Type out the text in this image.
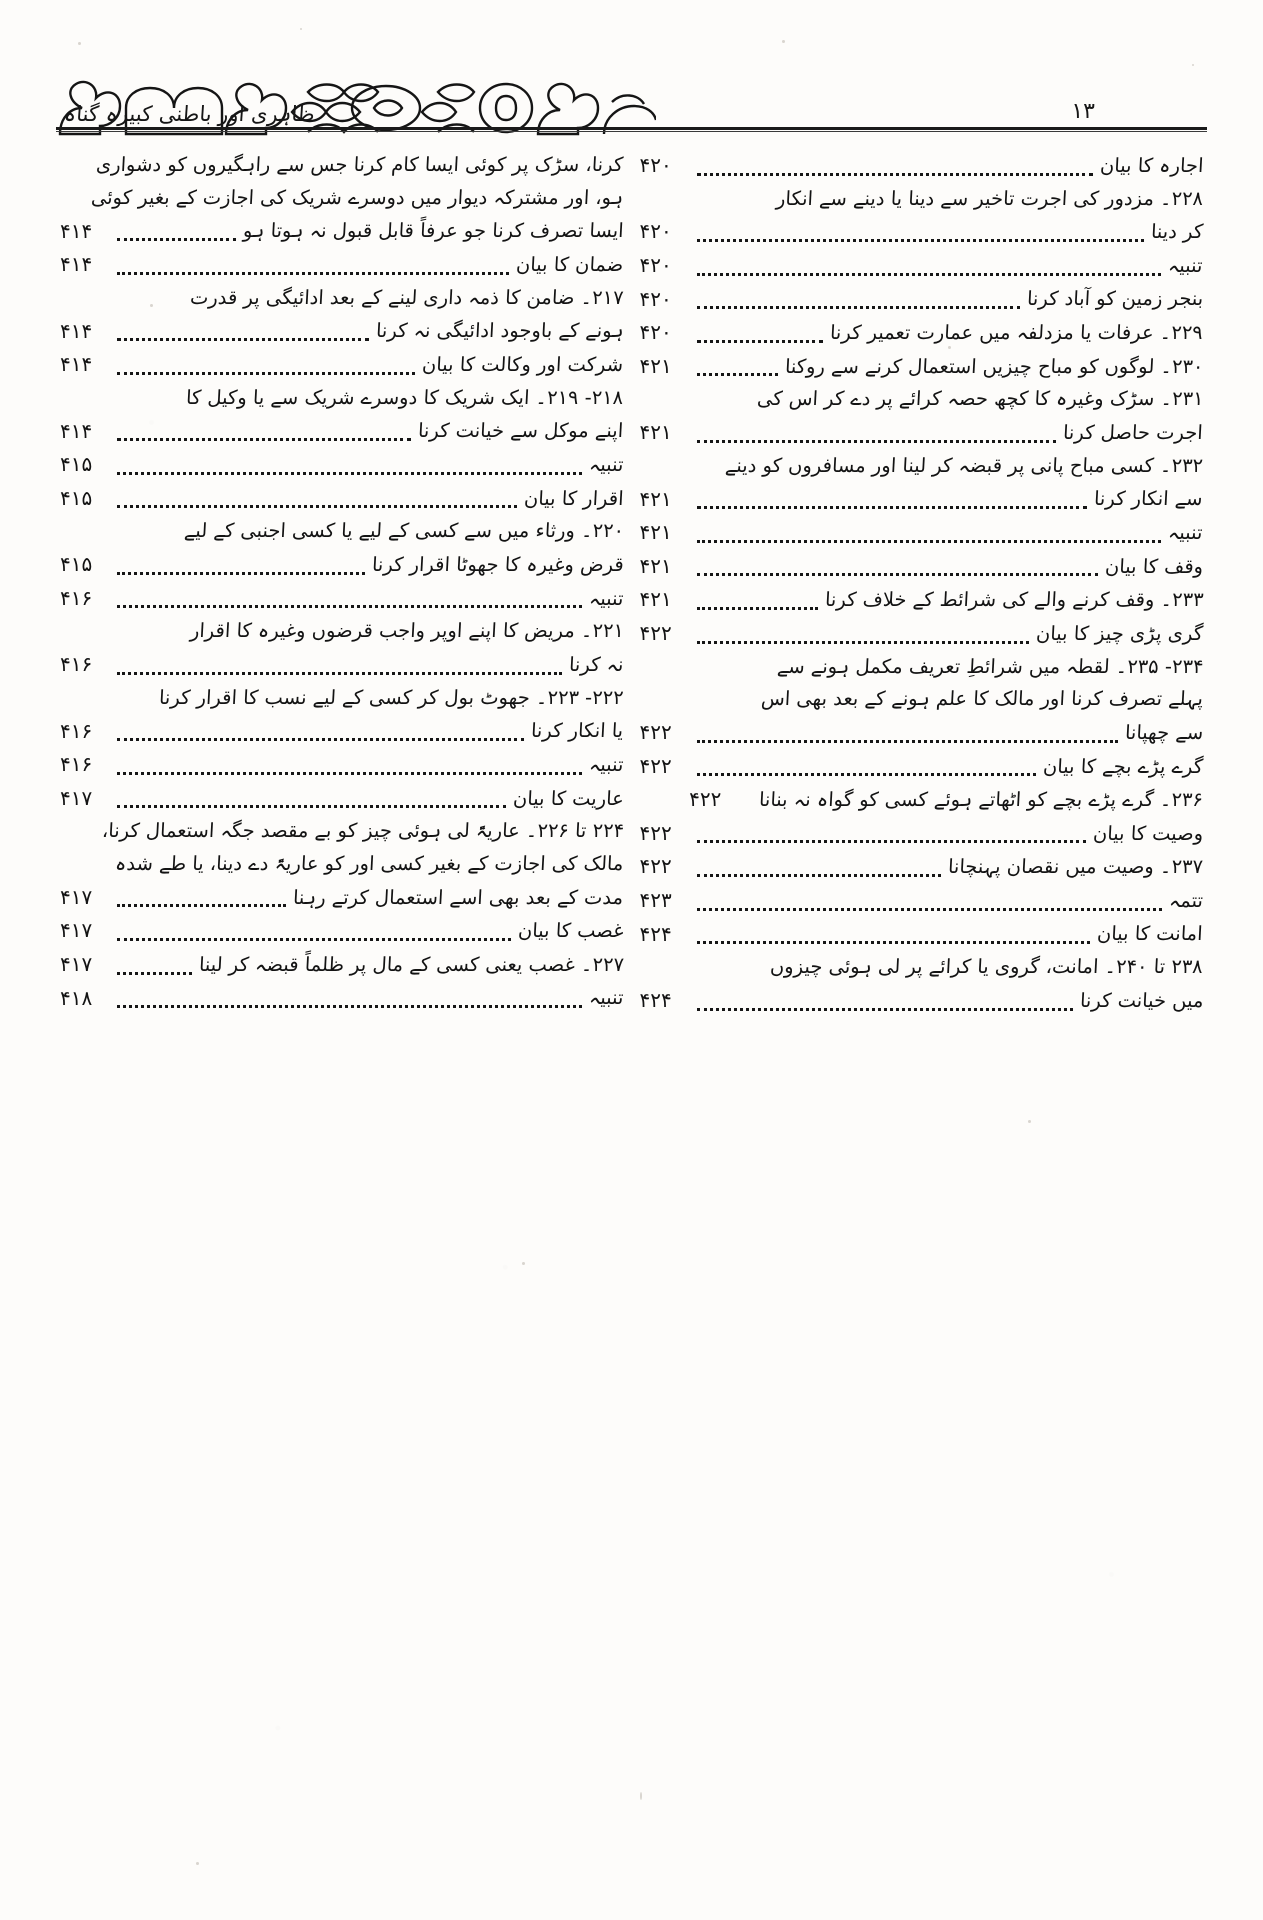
۱۳
ظاہری اور باطنی کبیرہ گناہ
اجارہ کا بیان
۴۲۰
۲۲۸۔ مزدور کی اجرت تاخیر سے دینا یا دینے سے انکار
کر دینا
۴۲۰
تنبیہ
۴۲۰
بنجر زمین کو آباد کرنا
۴۲۰
۲۲۹۔ عرفات یا مزدلفہ میں عمارت تعمیر کرنا
۴۲۰
۲۳۰۔ لوگوں کو مباح چیزیں استعمال کرنے سے روکنا
۴۲۱
۲۳۱۔ سڑک وغیرہ کا کچھ حصہ کرائے پر دے کر اس کی
اجرت حاصل کرنا
۴۲۱
۲۳۲۔ کسی مباح پانی پر قبضہ کر لینا اور مسافروں کو دینے
سے انکار کرنا
۴۲۱
تنبیہ
۴۲۱
وقف کا بیان
۴۲۱
۲۳۳۔ وقف کرنے والے کی شرائط کے خلاف کرنا
۴۲۱
گری پڑی چیز کا بیان
۴۲۲
۲۳۴- ۲۳۵۔ لقطہ میں شرائطِ تعریف مکمل ہونے سے
پہلے تصرف کرنا اور مالک کا علم ہونے کے بعد بھی اس
سے چھپانا
۴۲۲
گرے پڑے بچے کا بیان
۴۲۲
۲۳۶۔ گرے پڑے بچے کو اٹھاتے ہوئے کسی کو گواہ نہ بنانا
۴۲۲
وصیت کا بیان
۴۲۲
۲۳۷۔ وصیت میں نقصان پہنچانا
۴۲۲
تتمہ
۴۲۳
امانت کا بیان
۴۲۴
۲۳۸ تا ۲۴۰۔ امانت، گروی یا کرائے پر لی ہوئی چیزوں
میں خیانت کرنا
۴۲۴
کرنا، سڑک پر کوئی ایسا کام کرنا جس سے راہگیروں کو دشواری
ہو، اور مشترکہ دیوار میں دوسرے شریک کی اجازت کے بغیر کوئی
ایسا تصرف کرنا جو عرفاً قابل قبول نہ ہوتا ہو
۴۱۴
ضمان کا بیان
۴۱۴
۲۱۷۔ ضامن کا ذمہ داری لینے کے بعد ادائیگی پر قدرت
ہونے کے باوجود ادائیگی نہ کرنا
۴۱۴
شرکت اور وکالت کا بیان
۴۱۴
۲۱۸- ۲۱۹۔ ایک شریک کا دوسرے شریک سے یا وکیل کا
اپنے موکل سے خیانت کرنا
۴۱۴
تنبیہ
۴۱۵
اقرار کا بیان
۴۱۵
۲۲۰۔ ورثاء میں سے کسی کے لیے یا کسی اجنبی کے لیے
قرض وغیرہ کا جھوٹا اقرار کرنا
۴۱۵
تنبیہ
۴۱۶
۲۲۱۔ مریض کا اپنے اوپر واجب قرضوں وغیرہ کا اقرار
نہ کرنا
۴۱۶
۲۲۲- ۲۲۳۔ جھوٹ بول کر کسی کے لیے نسب کا اقرار کرنا
یا انکار کرنا
۴۱۶
تنبیہ
۴۱۶
عاریت کا بیان
۴۱۷
۲۲۴ تا ۲۲۶۔ عاریۃً لی ہوئی چیز کو بے مقصد جگہ استعمال کرنا،
مالک کی اجازت کے بغیر کسی اور کو عاریۃً دے دینا، یا طے شدہ
مدت کے بعد بھی اسے استعمال کرتے رہنا
۴۱۷
غصب کا بیان
۴۱۷
۲۲۷۔ غصب یعنی کسی کے مال پر ظلماً قبضہ کر لینا
۴۱۷
تنبیہ
۴۱۸
